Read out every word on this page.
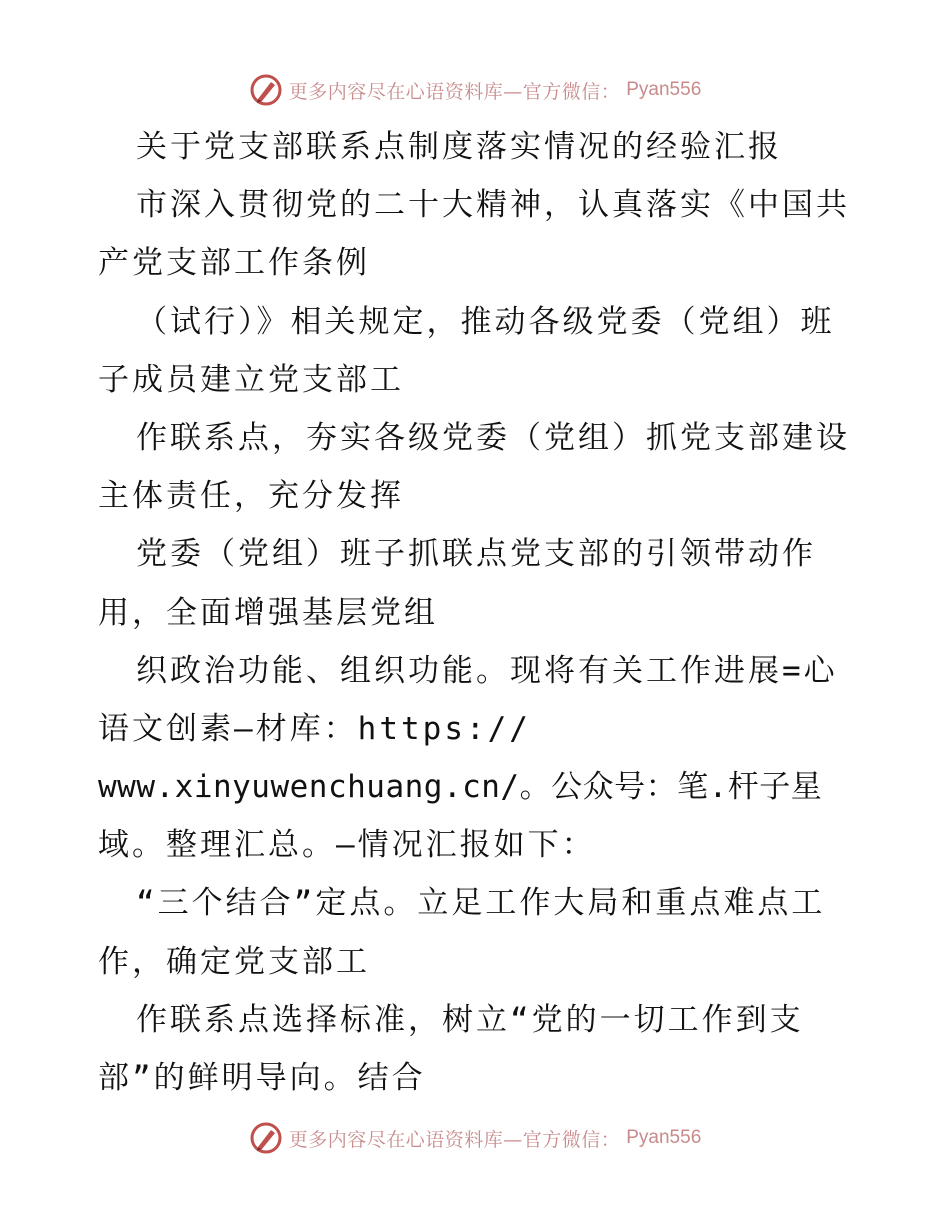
更多内容尽在心语资料库—官方微信： Pyan556
关于党支部联系点制度落实情况的经验汇报
市深入贯彻党的二十大精神，认真落实《中国共
产党支部工作条例
（试行）》相关规定，推动各级党委（党组）班
子成员建立党支部工
作联系点，夯实各级党委（党组）抓党支部建设
主体责任，充分发挥
党委（党组）班子抓联点党支部的引领带动作
用，全面增强基层党组
织政治功能、组织功能。现将有关工作进展=心
语文创素—材库：https://
www.xinyuwenchuang.cn/。公众号：笔.杆子星
域。整理汇总。—情况汇报如下：
“三个结合”定点。立足工作大局和重点难点工
作，确定党支部工
作联系点选择标准，树立“党的一切工作到支
部”的鲜明导向。结合
更多内容尽在心语资料库—官方微信： Pyan556
